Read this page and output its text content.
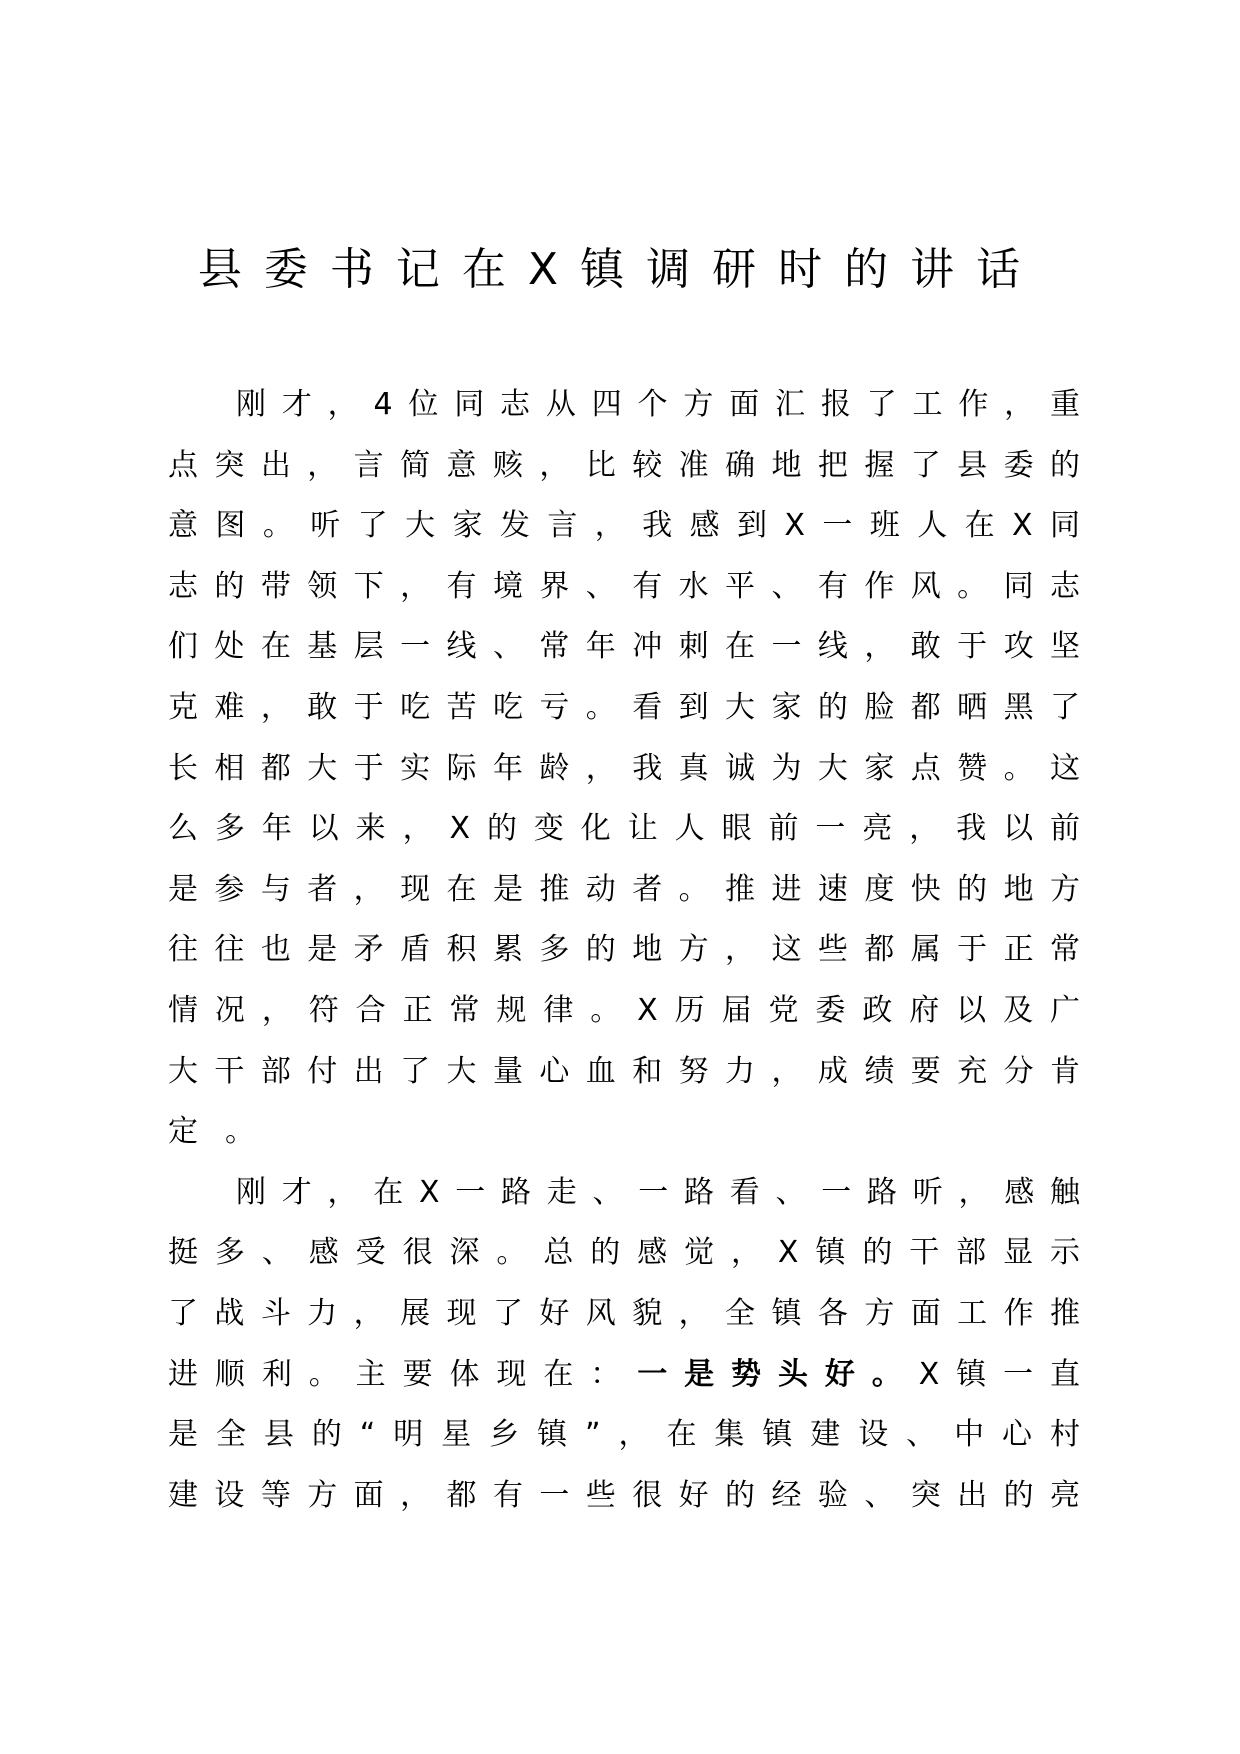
县委书记在X镇调研时的讲话
刚才，4位同志从四个方面汇报了工作，重
点突出，言简意赅，比较准确地把握了县委的
意图。听了大家发言，我感到X一班人在X同
志的带领下，有境界、有水平、有作风。同志
们处在基层一线、常年冲刺在一线，敢于攻坚
克难，敢于吃苦吃亏。看到大家的脸都晒黑了
长相都大于实际年龄，我真诚为大家点赞。这
么多年以来，X的变化让人眼前一亮，我以前
是参与者，现在是推动者。推进速度快的地方
往往也是矛盾积累多的地方，这些都属于正常
情况，符合正常规律。X历届党委政府以及广
大干部付出了大量心血和努力，成绩要充分肯
定。
刚才，在X一路走、一路看、一路听，感触
挺多、感受很深。总的感觉，X镇的干部显示
了战斗力，展现了好风貌，全镇各方面工作推
进顺利。主要体现在：一是势头好。X镇一直
是全县的“明星乡镇”，在集镇建设、中心村
建设等方面，都有一些很好的经验、突出的亮
